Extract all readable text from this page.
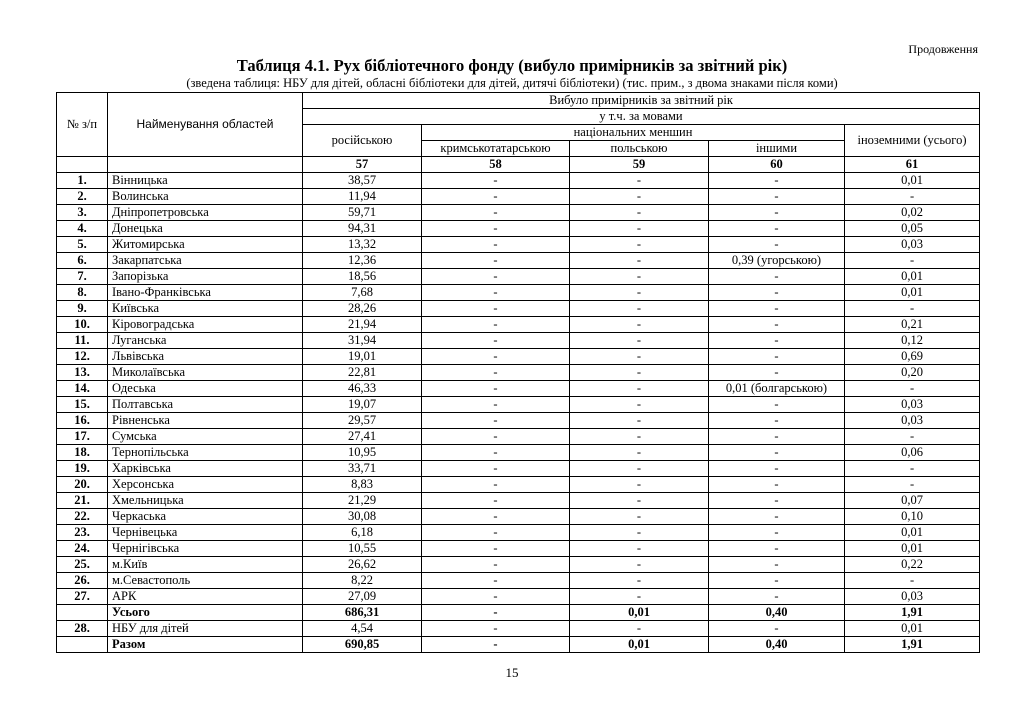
Продовження
Таблиця 4.1. Рух бібліотечного фонду (вибуло примірників за звітний рік)
(зведена таблиця: НБУ для дітей, обласні бібліотеки для дітей, дитячі бібліотеки) (тис. прим., з двома знаками після коми)
№ з/п	Найменування областей	Вибуло примірників за звітний рік				
		у т.ч. за мовами				
		російською	національних меншин			іноземними (усього)
			кримськотатарською	польською	іншими	
		57	58	59	60	61
1.	Вінницька	38,57	-	-	-	0,01
2.	Волинська	11,94	-	-	-	-
3.	Дніпропетровська	59,71	-	-	-	0,02
4.	Донецька	94,31	-	-	-	0,05
5.	Житомирська	13,32	-	-	-	0,03
6.	Закарпатська	12,36	-	-	0,39 (угорською)	-
7.	Запорізька	18,56	-	-	-	0,01
8.	Івано-Франківська	7,68	-	-	-	0,01
9.	Київська	28,26	-	-	-	-
10.	Кіровоградська	21,94	-	-	-	0,21
11.	Луганська	31,94	-	-	-	0,12
12.	Львівська	19,01	-	-	-	0,69
13.	Миколаївська	22,81	-	-	-	0,20
14.	Одеська	46,33	-	-	0,01 (болгарською)	-
15.	Полтавська	19,07	-	-	-	0,03
16.	Рівненська	29,57	-	-	-	0,03
17.	Сумська	27,41	-	-	-	-
18.	Тернопільська	10,95	-	-	-	0,06
19.	Харківська	33,71	-	-	-	-
20.	Херсонська	8,83	-	-	-	-
21.	Хмельницька	21,29	-	-	-	0,07
22.	Черкаська	30,08	-	-	-	0,10
23.	Чернівецька	6,18	-	-	-	0,01
24.	Чернігівська	10,55	-	-	-	0,01
25.	м.Київ	26,62	-	-	-	0,22
26.	м.Севастополь	8,22	-	-	-	-
27.	АРК	27,09	-	-	-	0,03
	Усього	686,31	-	0,01	0,40	1,91
28.	НБУ для дітей	4,54	-	-	-	0,01
	Разом	690,85	-	0,01	0,40	1,91
15
